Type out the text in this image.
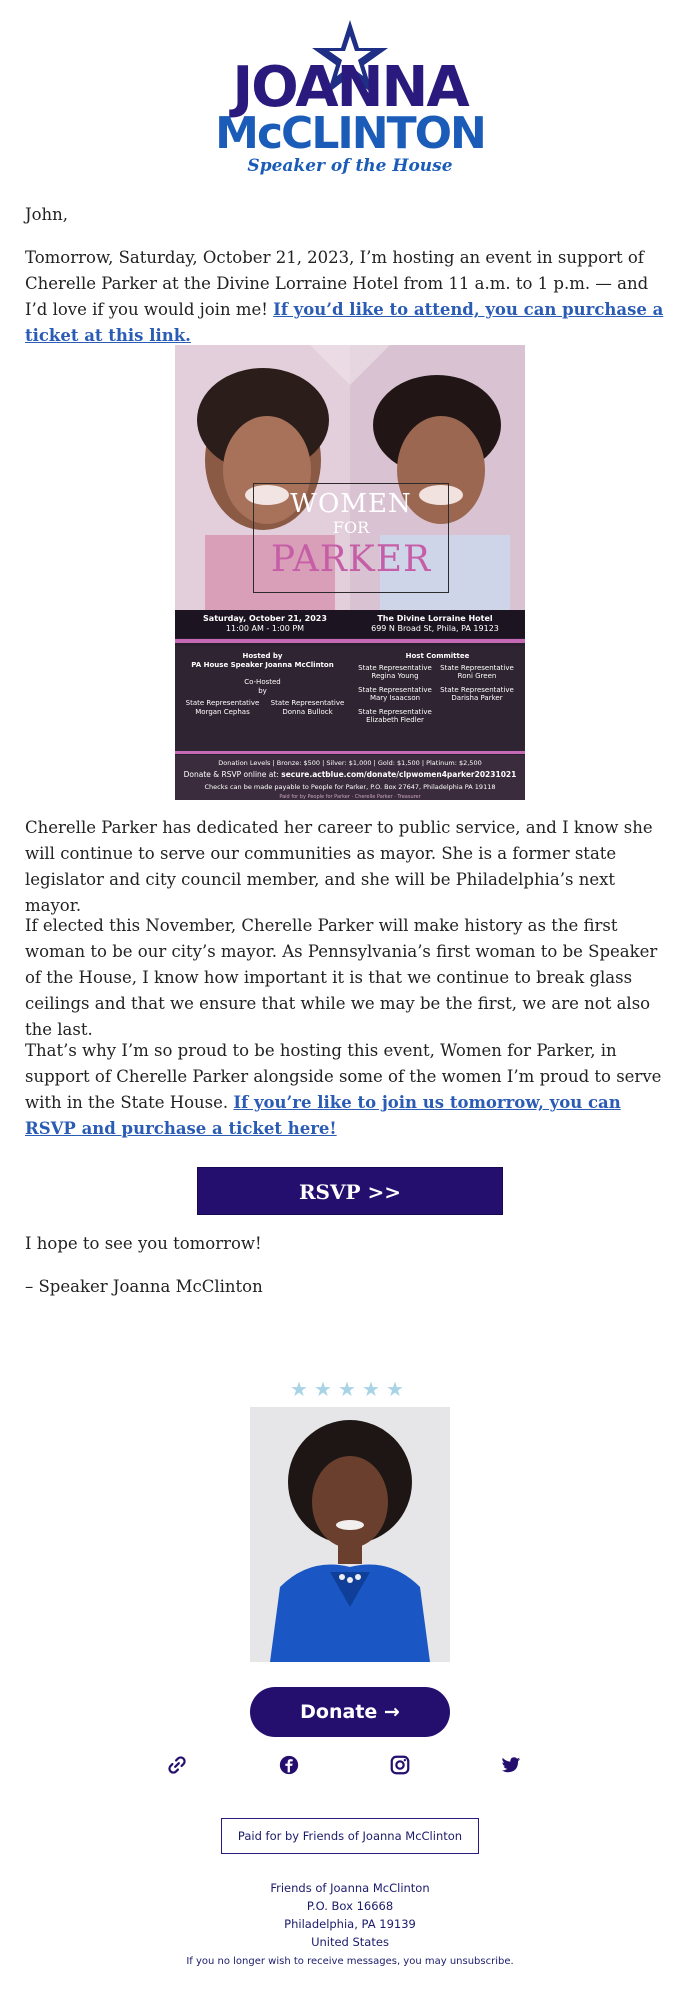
JOANNA
McCLINTON
Speaker of the House
John,
Tomorrow, Saturday, October 21, 2023, I’m hosting an event in support of Cherelle Parker at the Divine Lorraine Hotel from 11 a.m. to 1 p.m. — and I’d love if you would join me! If you’d like to attend, you can purchase a ticket at this link.
WOMEN
FOR
PARKER
Saturday, October 21, 2023
11:00 AM - 1:00 PM
The Divine Lorraine Hotel
699 N Broad St, Phila, PA 19123
Hosted by
PA House Speaker Joanna McClinton
Co-Hosted
by
State Representative
Morgan Cephas
State Representative
Donna Bullock
Host Committee
State Representative
Regina Young
State Representative
Roni Green
State Representative
Mary Isaacson
State Representative
Darisha Parker
State Representative
Elizabeth Fiedler
Donation Levels | Bronze: $500 | Silver: $1,000 | Gold: $1,500 | Platinum: $2,500
Donate & RSVP online at: secure.actblue.com/donate/clpwomen4parker20231021
Checks can be made payable to People for Parker, P.O. Box 27647, Philadelphia PA 19118
Paid for by People for Parker · Cherelle Parker · Treasurer
Cherelle Parker has dedicated her career to public service, and I know she will continue to serve our communities as mayor. She is a former state legislator and city council member, and she will be Philadelphia’s next mayor.
If elected this November, Cherelle Parker will make history as the first woman to be our city’s mayor. As Pennsylvania’s first woman to be Speaker of the House, I know how important it is that we continue to break glass ceilings and that we ensure that while we may be the first, we are not also the last.
That’s why I’m so proud to be hosting this event, Women for Parker, in support of Cherelle Parker alongside some of the women I’m proud to serve with in the State House. If you’re like to join us tomorrow, you can RSVP and purchase a ticket here!
RSVP >>
I hope to see you tomorrow!
– Speaker Joanna McClinton
★ ★ ★ ★ ★
Donate →
Paid for by Friends of Joanna McClinton
Friends of Joanna McClinton
P.O. Box 16668
Philadelphia, PA 19139
United States
If you no longer wish to receive messages, you may unsubscribe.
